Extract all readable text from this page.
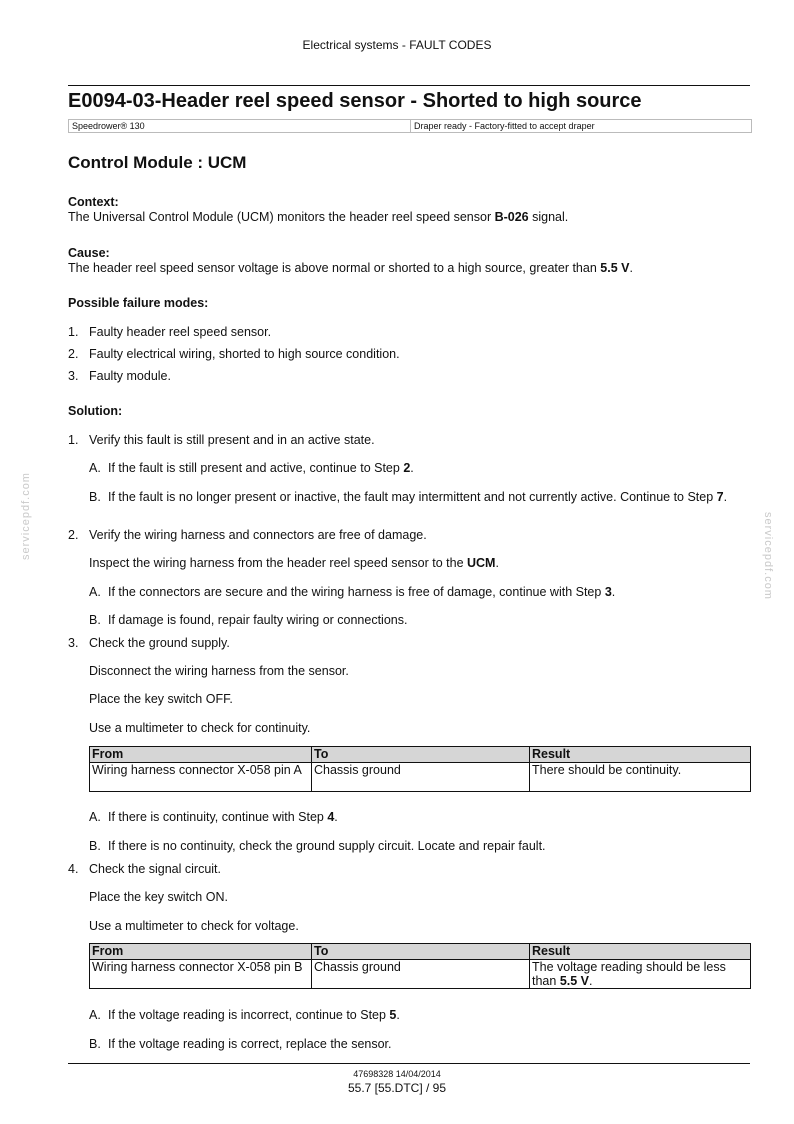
Electrical systems - FAULT CODES
E0094-03-Header reel speed sensor - Shorted to high source
Speedrower® 130	Draper ready - Factory-fitted to accept draper
Control Module : UCM
Context:
The Universal Control Module (UCM) monitors the header reel speed sensor B-026 signal.
Cause:
The header reel speed sensor voltage is above normal or shorted to a high source, greater than 5.5 V.
Possible failure modes:
1. Faulty header reel speed sensor.
2. Faulty electrical wiring, shorted to high source condition.
3. Faulty module.
Solution:
1. Verify this fault is still present and in an active state.
A. If the fault is still present and active, continue to Step 2.
B. If the fault is no longer present or inactive, the fault may intermittent and not currently active. Continue to Step 7.
2. Verify the wiring harness and connectors are free of damage.
Inspect the wiring harness from the header reel speed sensor to the UCM.
A. If the connectors are secure and the wiring harness is free of damage, continue with Step 3.
B. If damage is found, repair faulty wiring or connections.
3. Check the ground supply.
Disconnect the wiring harness from the sensor.
Place the key switch OFF.
Use a multimeter to check for continuity.
From	To	Result
Wiring harness connector X-058 pin A	Chassis ground	There should be continuity.
A. If there is continuity, continue with Step 4.
B. If there is no continuity, check the ground supply circuit. Locate and repair fault.
4. Check the signal circuit.
Place the key switch ON.
Use a multimeter to check for voltage.
From	To	Result
Wiring harness connector X-058 pin B	Chassis ground	The voltage reading should be less than 5.5 V.
A. If the voltage reading is incorrect, continue to Step 5.
B. If the voltage reading is correct, replace the sensor.
servicepdf.com	servicepdf.com
47698328 14/04/2014
55.7 [55.DTC] / 95
